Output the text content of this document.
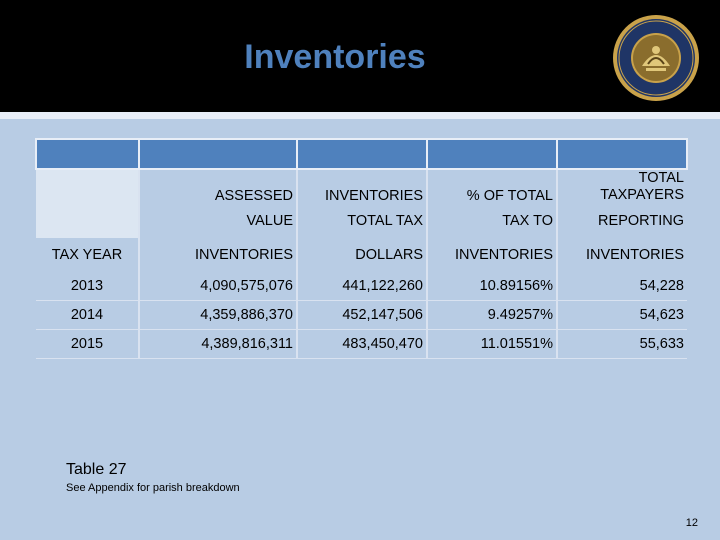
Inventories

	ASSESSED	INVENTORIES	% OF TOTAL	TOTAL
TAXPAYERS
	VALUE	TOTAL TAX	TAX TO	REPORTING
TAX YEAR	INVENTORIES	DOLLARS	INVENTORIES	INVENTORIES
2013	4,090,575,076	441,122,260	10.89156%	54,228
2014	4,359,886,370	452,147,506	9.49257%	54,623
2015	4,389,816,311	483,450,470	11.01551%	55,633
Table 27
See Appendix for parish breakdown
12
